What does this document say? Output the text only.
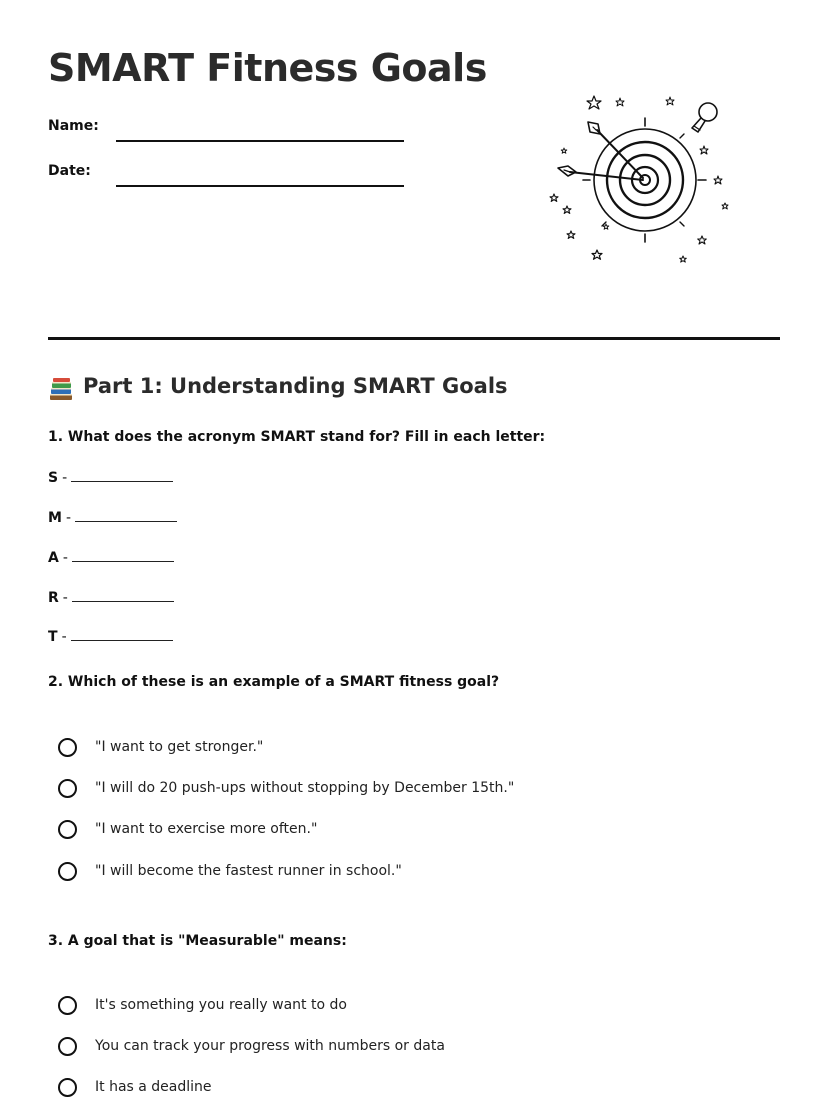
SMART Fitness Goals
Name:
Date:
Part 1: Understanding SMART Goals
1. What does the acronym SMART stand for? Fill in each letter:
S -
M -
A -
R -
T -
2. Which of these is an example of a SMART fitness goal?
"I want to get stronger."
"I will do 20 push-ups without stopping by December 15th."
"I want to exercise more often."
"I will become the fastest runner in school."
3. A goal that is "Measurable" means:
It's something you really want to do
You can track your progress with numbers or data
It has a deadline
